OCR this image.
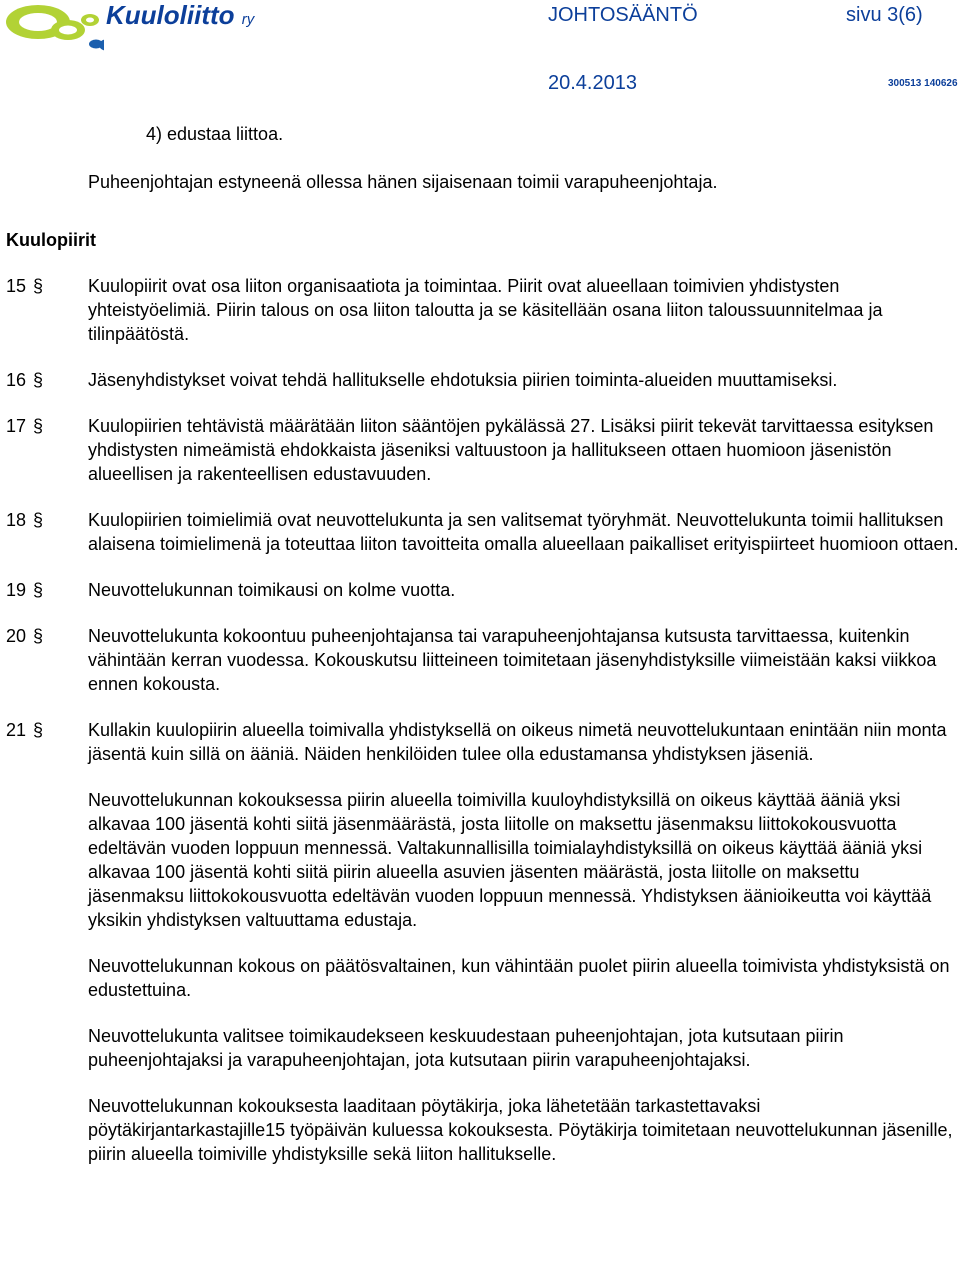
Kuuloliitto ry	JOHTOSÄÄNTÖ	sivu 3(6)
20.4.2013	300513 140626
4) edustaa liittoa.
Puheenjohtajan estyneenä ollessa hänen sijaisenaan toimii varapuheenjohtaja.
Kuulopiirit
15 § Kuulopiirit ovat osa liiton organisaatiota ja toimintaa. Piirit ovat alueellaan toimivien yhdistysten yhteistyöelimiä. Piirin talous on osa liiton taloutta ja se käsitellään osana liiton taloussuunnitelmaa ja tilinpäätöstä.
16 § Jäsenyhdistykset voivat tehdä hallitukselle ehdotuksia piirien toiminta-alueiden muuttamiseksi.
17 § Kuulopiirien tehtävistä määrätään liiton sääntöjen pykälässä 27. Lisäksi piirit tekevät tarvittaessa esityksen yhdistysten nimeämistä ehdokkaista jäseniksi valtuustoon ja hallitukseen ottaen huomioon jäsenistön alueellisen ja rakenteellisen edustavuuden.
18 § Kuulopiirien toimielimiä ovat neuvottelukunta ja sen valitsemat työryhmät. Neuvottelukunta toimii hallituksen alaisena toimielimenä ja toteuttaa liiton tavoitteita omalla alueellaan paikalliset erityispiirteet huomioon ottaen.
19 § Neuvottelukunnan toimikausi on kolme vuotta.
20 § Neuvottelukunta kokoontuu puheenjohtajansa tai varapuheenjohtajansa kutsusta tarvittaessa, kuitenkin vähintään kerran vuodessa. Kokouskutsu liitteineen toimitetaan jäsenyhdistyksille viimeistään kaksi viikkoa ennen kokousta.
21 § Kullakin kuulopiirin alueella toimivalla yhdistyksellä on oikeus nimetä neuvottelukuntaan enintään niin monta jäsentä kuin sillä on ääniä. Näiden henkilöiden tulee olla edustamansa yhdistyksen jäseniä.
Neuvottelukunnan kokouksessa piirin alueella toimivilla kuuloyhdistyksillä on oikeus käyttää ääniä yksi alkavaa 100 jäsentä kohti siitä jäsenmäärästä, josta liitolle on maksettu jäsenmaksu liittokokousvuotta edeltävän vuoden loppuun mennessä. Valtakunnallisilla toimialayhdistyksillä on oikeus käyttää ääniä yksi alkavaa 100 jäsentä kohti siitä piirin alueella asuvien jäsenten määrästä, josta liitolle on maksettu jäsenmaksu liittokokousvuotta edeltävän vuoden loppuun mennessä. Yhdistyksen äänioikeutta voi käyttää yksikin yhdistyksen valtuuttama edustaja.
Neuvottelukunnan kokous on päätösvaltainen, kun vähintään puolet piirin alueella toimivista yhdistyksistä on edustettuina.
Neuvottelukunta valitsee toimikaudekseen keskuudestaan puheenjohtajan, jota kutsutaan piirin puheenjohtajaksi ja varapuheenjohtajan, jota kutsutaan piirin varapuheenjohtajaksi.
Neuvottelukunnan kokouksesta laaditaan pöytäkirja, joka lähetetään tarkastettavaksi pöytäkirjantarkastajille15 työpäivän kuluessa kokouksesta. Pöytäkirja toimitetaan neuvottelukunnan jäsenille, piirin alueella toimiville yhdistyksille sekä liiton hallitukselle.
